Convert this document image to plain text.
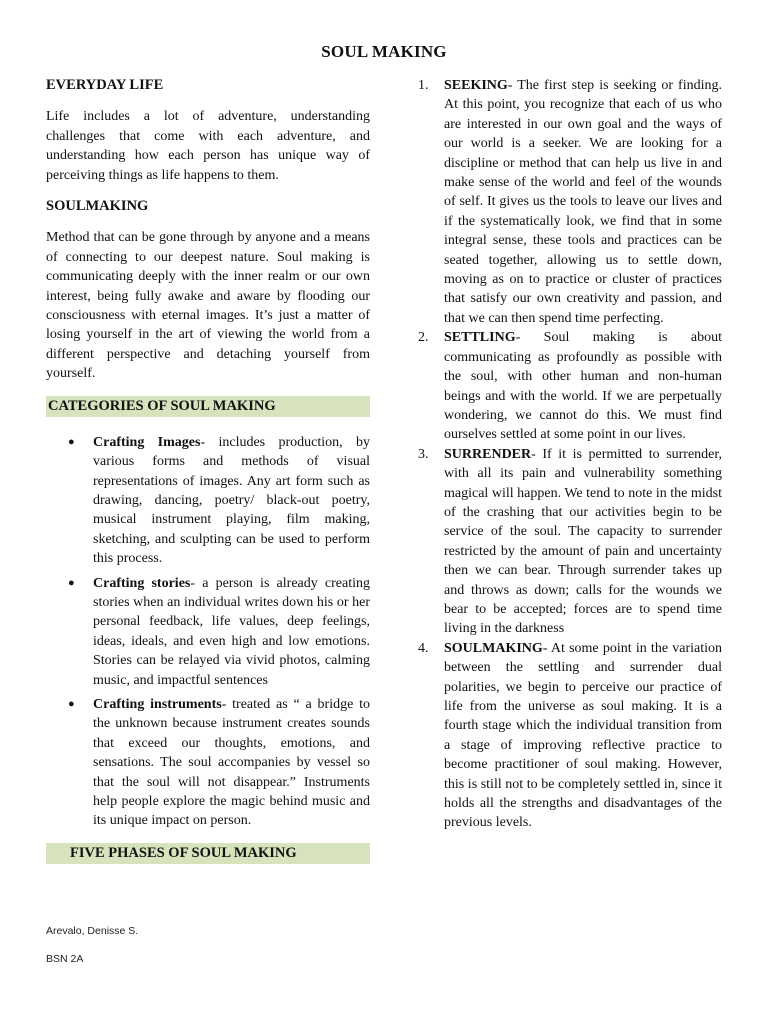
SOUL MAKING
EVERYDAY LIFE

Life includes a lot of adventure, understanding challenges that come with each adventure, and understanding how each person has unique way of perceiving things as life happens to them.

SOULMAKING

Method that can be gone through by anyone and a means of connecting to our deepest nature. Soul making is communicating deeply with the inner realm or our own interest, being fully awake and aware by flooding our consciousness with eternal images. It’s just a matter of losing yourself in the art of viewing the world from a different perspective and detaching yourself from yourself.

CATEGORIES OF SOUL MAKING
● Crafting Images- includes production, by various forms and methods of visual representations of images. Any art form such as drawing, dancing, poetry/ black-out poetry, musical instrument playing, film making, sketching, and sculpting can be used to perform this process.
● Crafting stories- a person is already creating stories when an individual writes down his or her personal feedback, life values, deep feelings, ideas, ideals, and even high and low emotions. Stories can be relayed via vivid photos, calming music, and impactful sentences
● Crafting instruments- treated as “ a bridge to the unknown because instrument creates sounds that exceed our thoughts, emotions, and sensations. The soul accompanies by vessel so that the soul will not disappear.” Instruments help people explore the magic behind music and its unique impact on person.
FIVE PHASES OF SOUL MAKING
1. SEEKING- The first step is seeking or finding. At this point, you recognize that each of us who are interested in our own goal and the ways of our world is a seeker. We are looking for a discipline or method that can help us live in and make sense of the world and feel of the wounds of self. It gives us the tools to leave our lives and if the systematically look, we find that in some integral sense, these tools and practices can be seated together, allowing us to settle down, moving as on to practice or cluster of practices that satisfy our own creativity and passion, and that we can then spend time perfecting.
2. SETTLING- Soul making is about communicating as profoundly as possible with the soul, with other human and non-human beings and with the world. If we are perpetually wondering, we cannot do this. We must find ourselves settled at some point in our lives.
3. SURRENDER- If it is permitted to surrender, with all its pain and vulnerability something magical will happen. We tend to note in the midst of the crashing that our activities begin to be service of the soul. The capacity to surrender restricted by the amount of pain and uncertainty then we can bear. Through surrender takes up and throws as down; calls for the wounds we bear to be accepted; forces are to spend time living in the darkness
4. SOULMAKING- At some point in the variation between the settling and surrender dual polarities, we begin to perceive our practice of life from the universe as soul making. It is a fourth stage which the individual transition from a stage of improving reflective practice to become practitioner of soul making. However, this is still not to be completely settled in, since it holds all the strengths and disadvantages of the previous levels.
Arevalo, Denisse S.
BSN 2A
